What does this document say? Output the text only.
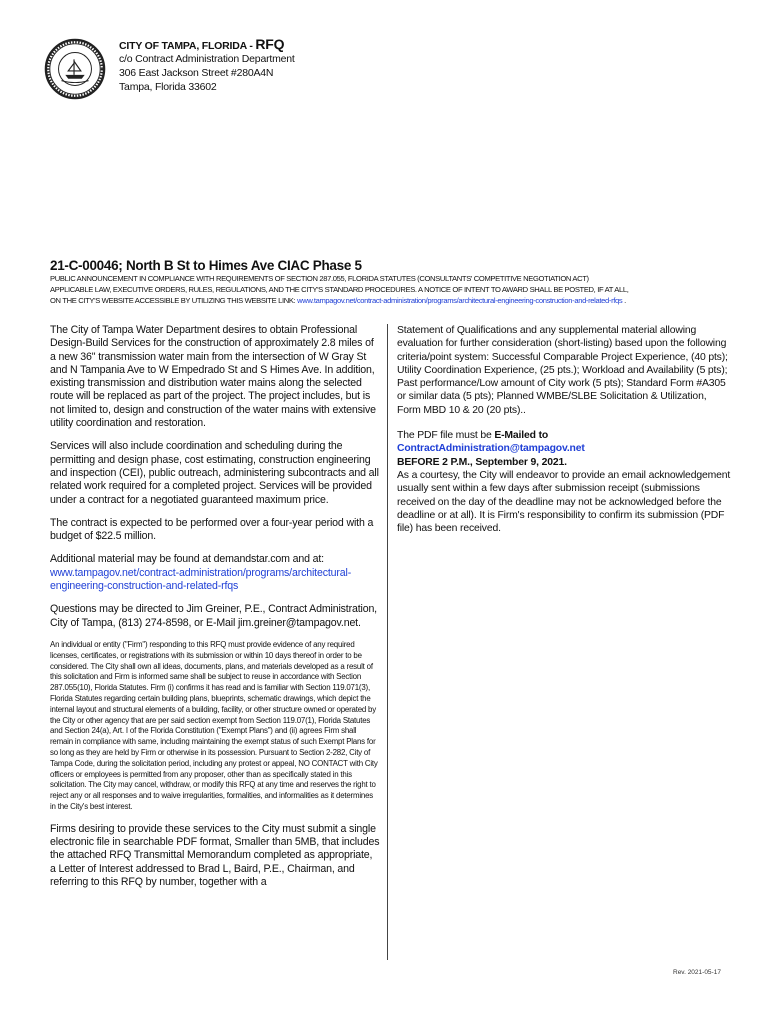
CITY OF TAMPA, FLORIDA - RFQ
c/o Contract Administration Department
306 East Jackson Street #280A4N
Tampa, Florida 33602
21-C-00046; North B St to Himes Ave CIAC Phase 5
PUBLIC ANNOUNCEMENT IN COMPLIANCE WITH REQUIREMENTS OF SECTION 287.055, FLORIDA STATUTES (CONSULTANTS' COMPETITIVE NEGOTIATION ACT)
APPLICABLE LAW, EXECUTIVE ORDERS, RULES, REGULATIONS, AND THE CITY'S STANDARD PROCEDURES. A NOTICE OF INTENT TO AWARD SHALL BE POSTED, IF AT ALL,
ON THE CITY'S WEBSITE ACCESSIBLE BY UTILIZING THIS WEBSITE LINK: www.tampagov.net/contract-administration/programs/architectural-engineering-construction-and-related-rfqs .

The City of Tampa Water Department desires to obtain Professional Design-Build Services for the construction of approximately 2.8 miles of a new 36" transmission water main from the intersection of W Gray St and N Tampania Ave to W Empedrado St and S Himes Ave. In addition, existing transmission and distribution water mains along the selected route will be replaced as part of the project. The project includes, but is not limited to, design and construction of the water mains with extensive utility coordination and restoration.

Services will also include coordination and scheduling during the permitting and design phase, cost estimating, construction engineering and inspection (CEI), public outreach, administering subcontracts and all related work required for a completed project. Services will be provided under a contract for a negotiated guaranteed maximum price.

The contract is expected to be performed over a four-year period with a budget of $22.5 million.

Additional material may be found at demandstar.com and at:
www.tampagov.net/contract-administration/programs/architectural-engineering-construction-and-related-rfqs

Questions may be directed to Jim Greiner, P.E., Contract Administration, City of Tampa, (813) 274-8598, or E-Mail jim.greiner@tampagov.net.

An individual or entity ("Firm") responding to this RFQ must provide evidence of any required licenses, certificates, or registrations with its submission or within 10 days thereof in order to be considered. The City shall own all ideas, documents, plans, and materials developed as a result of this solicitation and Firm is informed same shall be subject to reuse in accordance with Section 287.055(10), Florida Statutes. Firm (i) confirms it has read and is familiar with Section 119.071(3), Florida Statutes regarding certain building plans, blueprints, schematic drawings, which depict the internal layout and structural elements of a building, facility, or other structure owned or operated by the City or other agency that are per said section exempt from Section 119.07(1), Florida Statutes and Section 24(a), Art. I of the Florida Constitution ("Exempt Plans") and (ii) agrees Firm shall remain in compliance with same, including maintaining the exempt status of such Exempt Plans for so long as they are held by Firm or otherwise in its possession. Pursuant to Section 2-282, City of Tampa Code, during the solicitation period, including any protest or appeal, NO CONTACT with City officers or employees is permitted from any proposer, other than as specifically stated in this solicitation. The City may cancel, withdraw, or modify this RFQ at any time and reserves the right to reject any or all responses and to waive irregularities, formalities, and informalities as it determines in the City's best interest.

Firms desiring to provide these services to the City must submit a single electronic file in searchable PDF format, Smaller than 5MB, that includes the attached RFQ Transmittal Memorandum completed as appropriate, a Letter of Interest addressed to Brad L, Baird, P.E., Chairman, and referring to this RFQ by number, together with a

Statement of Qualifications and any supplemental material allowing evaluation for further consideration (short-listing) based upon the following criteria/point system: Successful Comparable Project Experience, (40 pts); Utility Coordination Experience, (25 pts.); Workload and Availability (5 pts); Past performance/Low amount of City work (5 pts); Standard Form #A305 or similar data (5 pts); Planned WMBE/SLBE Solicitation & Utilization, Form MBD 10 & 20 (20 pts)..

The PDF file must be E-Mailed to
ContractAdministration@tampagov.net
BEFORE 2 P.M., September 9, 2021.
As a courtesy, the City will endeavor to provide an email acknowledgement usually sent within a few days after submission receipt (submissions received on the day of the deadline may not be acknowledged before the deadline or at all). It is Firm's responsibility to confirm its submission (PDF file) has been received.

Rev. 2021-05-17
